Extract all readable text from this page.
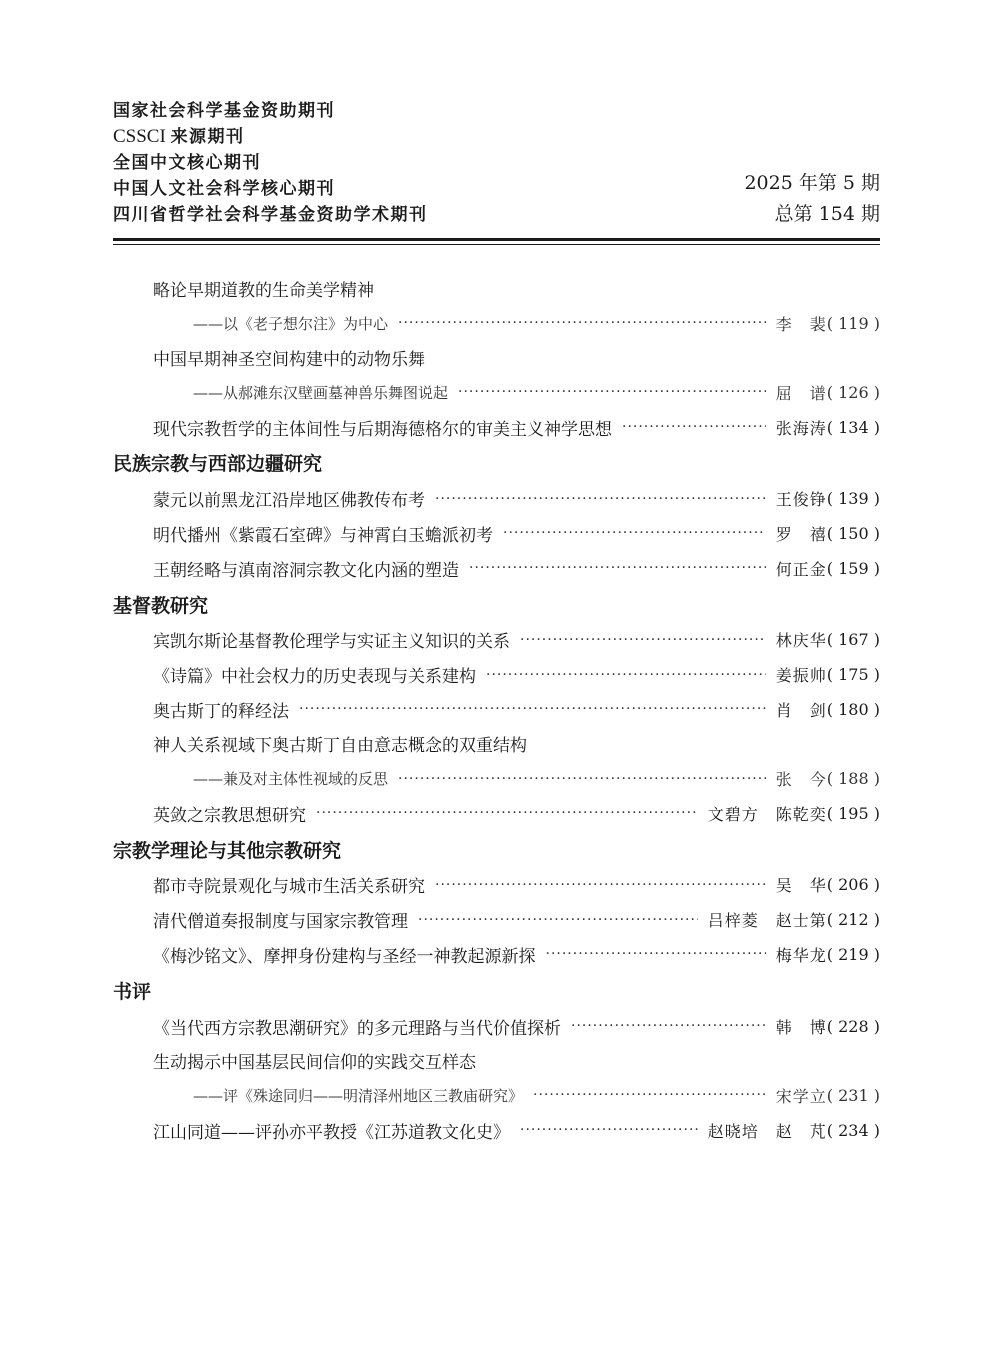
国家社会科学基金资助期刊
CSSCI 来源期刊
全国中文核心期刊
中国人文社会科学核心期刊
四川省哲学社会科学基金资助学术期刊
2025 年第 5 期
总第 154 期
略论早期道教的生命美学精神
——以《老子想尔注》为中心 ·····	李　裴 ( 119 )
中国早期神圣空间构建中的动物乐舞
——从郝滩东汉壁画墓神兽乐舞图说起 ·····	屈　谱 ( 126 )
现代宗教哲学的主体间性与后期海德格尔的审美主义神学思想 ·····	张海涛 ( 134 )
民族宗教与西部边疆研究
蒙元以前黑龙江沿岸地区佛教传布考 ·····	王俊铮 ( 139 )
明代播州《紫霞石室碑》与神霄白玉蟾派初考 ·····	罗　禧 ( 150 )
王朝经略与滇南溶洞宗教文化内涵的塑造 ·····	何正金 ( 159 )
基督教研究
宾凯尔斯论基督教伦理学与实证主义知识的关系 ·····	林庆华 ( 167 )
《诗篇》中社会权力的历史表现与关系建构 ·····	姜振帅 ( 175 )
奥古斯丁的释经法 ·····	肖　剑 ( 180 )
神人关系视域下奥古斯丁自由意志概念的双重结构
——兼及对主体性视域的反思 ·····	张　今 ( 188 )
英敛之宗教思想研究 ·····	文碧方　陈乾奕 ( 195 )
宗教学理论与其他宗教研究
都市寺院景观化与城市生活关系研究 ·····	吴　华 ( 206 )
清代僧道奏报制度与国家宗教管理 ·····	吕梓菱　赵士第 ( 212 )
《梅沙铭文》、摩押身份建构与圣经一神教起源新探 ·····	梅华龙 ( 219 )
书评
《当代西方宗教思潮研究》的多元理路与当代价值探析 ·····	韩　博 ( 228 )
生动揭示中国基层民间信仰的实践交互样态
——评《殊途同归——明清泽州地区三教庙研究》 ·····	宋学立 ( 231 )
江山同道——评孙亦平教授《江苏道教文化史》 ·····	赵晓培　赵　芃 ( 234 )
